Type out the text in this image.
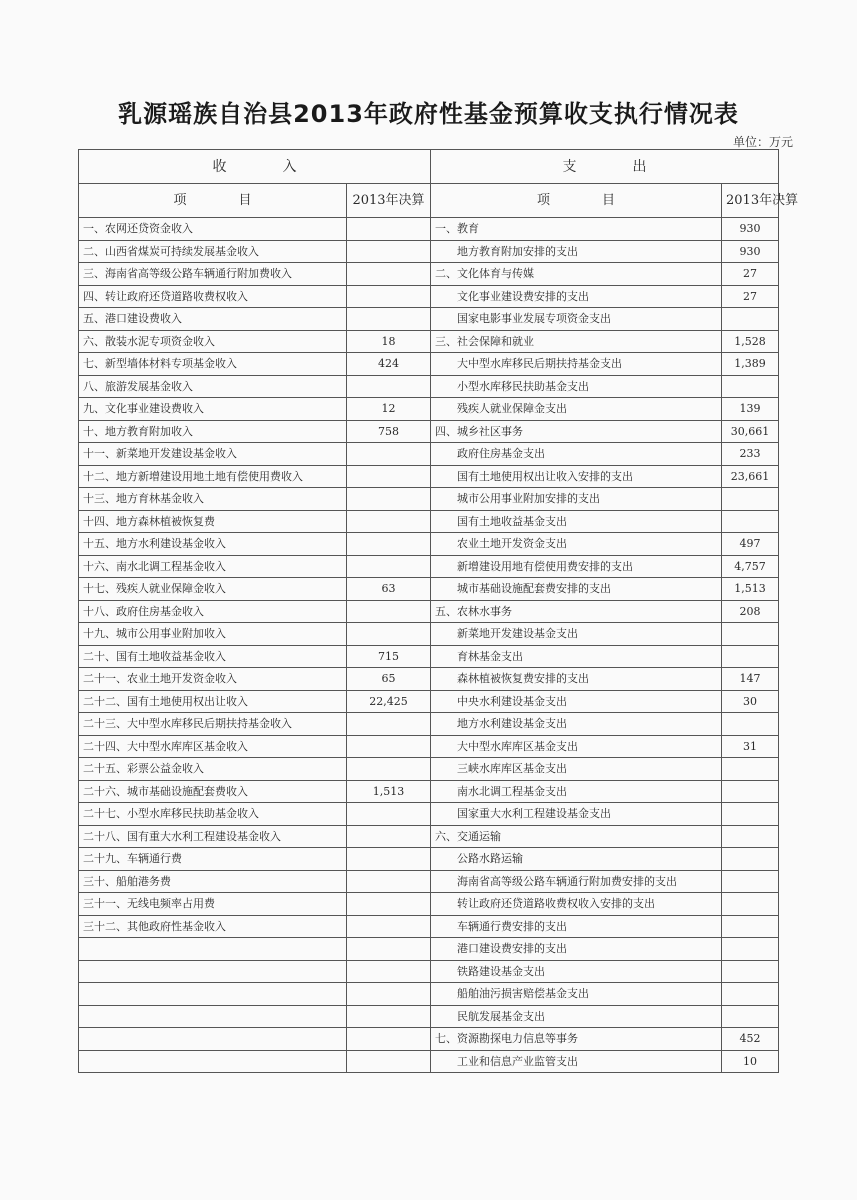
乳源瑶族自治县2013年政府性基金预算收支执行情况表
单位：万元
收　　　　入		支　　　　出	
项　　　　目	2013年决算	项　　　　目	2013年决算
一、农网还贷资金收入		一、教育	930
二、山西省煤炭可持续发展基金收入		地方教育附加安排的支出	930
三、海南省高等级公路车辆通行附加费收入		二、文化体育与传媒	27
四、转让政府还贷道路收费权收入		文化事业建设费安排的支出	27
五、港口建设费收入		国家电影事业发展专项资金支出	
六、散装水泥专项资金收入	18	三、社会保障和就业	1,528
七、新型墙体材料专项基金收入	424	大中型水库移民后期扶持基金支出	1,389
八、旅游发展基金收入		小型水库移民扶助基金支出	
九、文化事业建设费收入	12	残疾人就业保障金支出	139
十、地方教育附加收入	758	四、城乡社区事务	30,661
十一、新菜地开发建设基金收入		政府住房基金支出	233
十二、地方新增建设用地土地有偿使用费收入		国有土地使用权出让收入安排的支出	23,661
十三、地方育林基金收入		城市公用事业附加安排的支出	
十四、地方森林植被恢复费		国有土地收益基金支出	
十五、地方水利建设基金收入		农业土地开发资金支出	497
十六、南水北调工程基金收入		新增建设用地有偿使用费安排的支出	4,757
十七、残疾人就业保障金收入	63	城市基础设施配套费安排的支出	1,513
十八、政府住房基金收入		五、农林水事务	208
十九、城市公用事业附加收入		新菜地开发建设基金支出	
二十、国有土地收益基金收入	715	育林基金支出	
二十一、农业土地开发资金收入	65	森林植被恢复费安排的支出	147
二十二、国有土地使用权出让收入	22,425	中央水利建设基金支出	30
二十三、大中型水库移民后期扶持基金收入		地方水利建设基金支出	
二十四、大中型水库库区基金收入		大中型水库库区基金支出	31
二十五、彩票公益金收入		三峡水库库区基金支出	
二十六、城市基础设施配套费收入	1,513	南水北调工程基金支出	
二十七、小型水库移民扶助基金收入		国家重大水利工程建设基金支出	
二十八、国有重大水利工程建设基金收入		六、交通运输	
二十九、车辆通行费		公路水路运输	
三十、船舶港务费		海南省高等级公路车辆通行附加费安排的支出	
三十一、无线电频率占用费		转让政府还贷道路收费权收入安排的支出	
三十二、其他政府性基金收入		车辆通行费安排的支出	
		港口建设费安排的支出	
		铁路建设基金支出	
		船舶油污损害赔偿基金支出	
		民航发展基金支出	
		七、资源勘探电力信息等事务	452
		工业和信息产业监管支出	10
